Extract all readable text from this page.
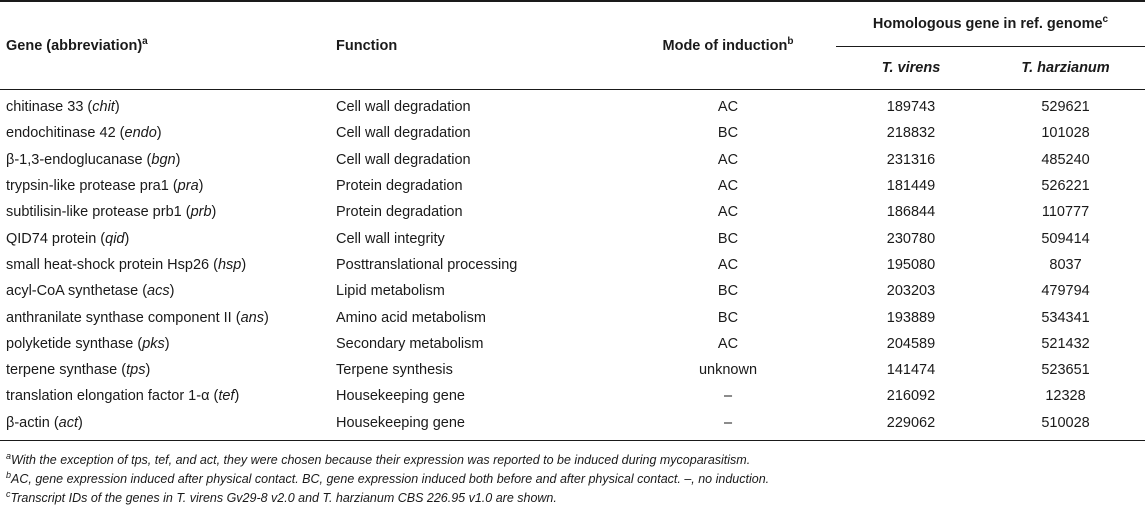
Gene (abbreviation)$^a$	Function	Mode of induction$^b$	Homologous gene in ref. genome$^c$
			T. virens	T. harzianum
chitinase 33 (chit)	Cell wall degradation	AC	189743	529621
endochitinase 42 (endo)	Cell wall degradation	BC	218832	101028
β-1,3-endoglucanase (bgn)	Cell wall degradation	AC	231316	485240
trypsin-like protease pra1 (pra)	Protein degradation	AC	181449	526221
subtilisin-like protease prb1 (prb)	Protein degradation	AC	186844	110777
QID74 protein (qid)	Cell wall integrity	BC	230780	509414
small heat-shock protein Hsp26 (hsp)	Posttranslational processing	AC	195080	8037
acyl-CoA synthetase (acs)	Lipid metabolism	BC	203203	479794
anthranilate synthase component II (ans)	Amino acid metabolism	BC	193889	534341
polyketide synthase (pks)	Secondary metabolism	AC	204589	521432
terpene synthase (tps)	Terpene synthesis	unknown	141474	523651
translation elongation factor 1-α (tef)	Housekeeping gene	–	216092	12328
β-actin (act)	Housekeeping gene	–	229062	510028
$^a$With the exception of tps, tef, and act, they were chosen because their expression was reported to be induced during mycoparasitism.
$^b$AC, gene expression induced after physical contact. BC, gene expression induced both before and after physical contact. –, no induction.
$^c$Transcript IDs of the genes in T. virens Gv29-8 v2.0 and T. harzianum CBS 226.95 v1.0 are shown.
